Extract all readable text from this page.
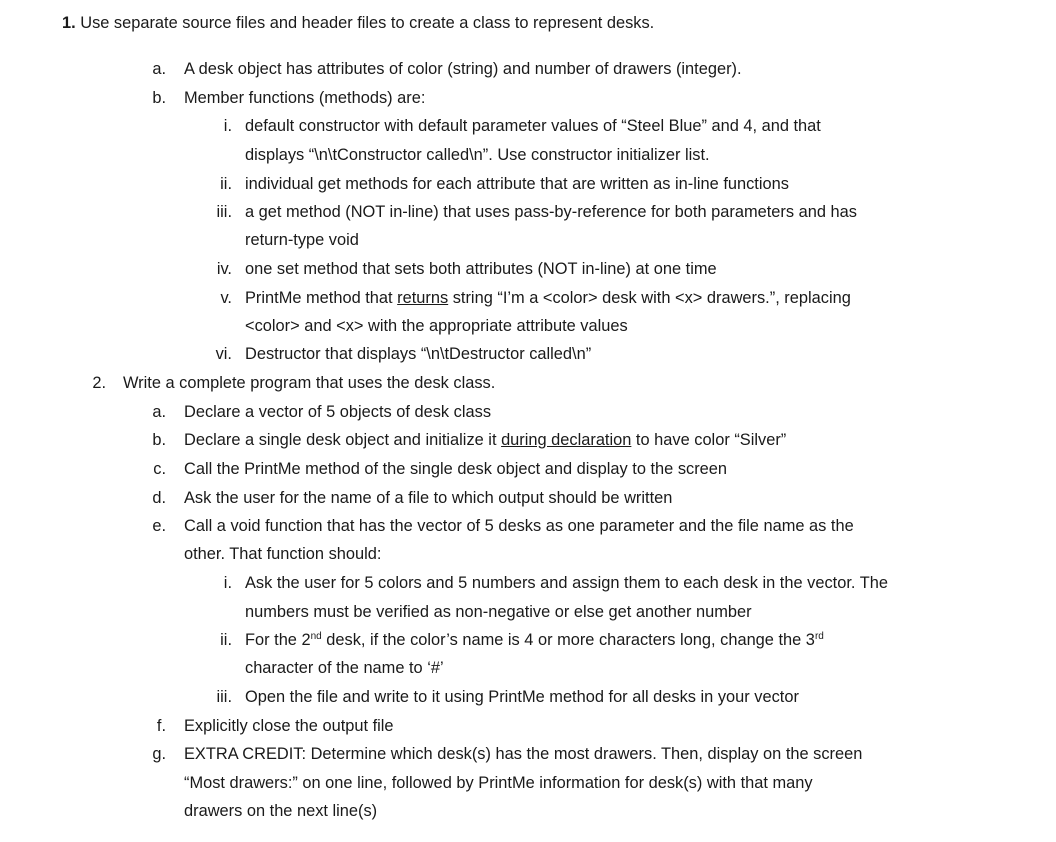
1. Use separate source files and header files to create a class to represent desks.
a. A desk object has attributes of color (string) and number of drawers (integer).
b. Member functions (methods) are:
i. default constructor with default parameter values of “Steel Blue” and 4, and that
displays “\n\tConstructor called\n”. Use constructor initializer list.
ii. individual get methods for each attribute that are written as in-line functions
iii. a get method (NOT in-line) that uses pass-by-reference for both parameters and has
return-type void
iv. one set method that sets both attributes (NOT in-line) at one time
v. PrintMe method that returns string “I’m a <color> desk with <x> drawers.”, replacing
<color> and <x> with the appropriate attribute values
vi. Destructor that displays “\n\tDestructor called\n”
2. Write a complete program that uses the desk class.
a. Declare a vector of 5 objects of desk class
b. Declare a single desk object and initialize it during declaration to have color “Silver”
c. Call the PrintMe method of the single desk object and display to the screen
d. Ask the user for the name of a file to which output should be written
e. Call a void function that has the vector of 5 desks as one parameter and the file name as the
other. That function should:
i. Ask the user for 5 colors and 5 numbers and assign them to each desk in the vector. The
numbers must be verified as non-negative or else get another number
ii. For the 2nd desk, if the color’s name is 4 or more characters long, change the 3rd
character of the name to ‘#’
iii. Open the file and write to it using PrintMe method for all desks in your vector
f. Explicitly close the output file
g. EXTRA CREDIT: Determine which desk(s) has the most drawers. Then, display on the screen
“Most drawers:” on one line, followed by PrintMe information for desk(s) with that many
drawers on the next line(s)
